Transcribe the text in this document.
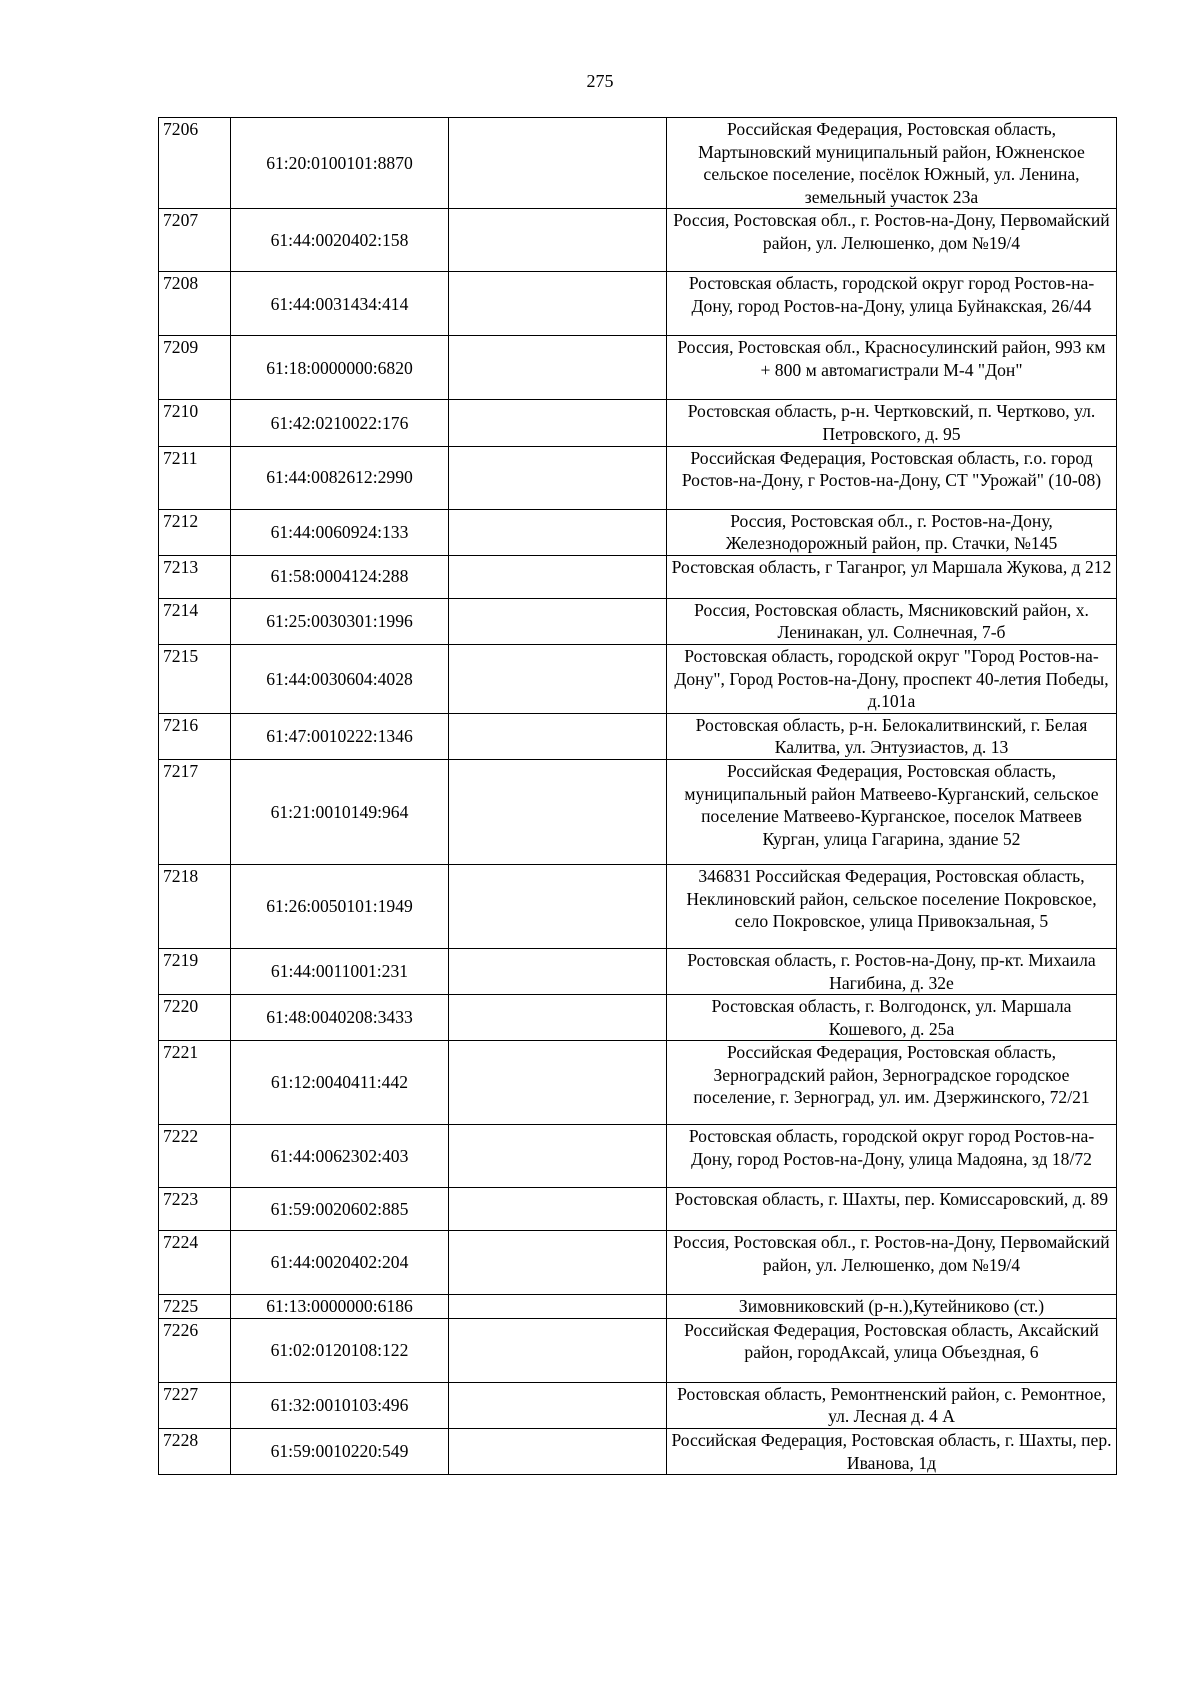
275
7206	61:20:0100101:8870		Российская Федерация, Ростовская область, Мартыновский муниципальный район, Южненское сельское поселение, посёлок Южный, ул. Ленина, земельный участок 23а
7207	61:44:0020402:158		Россия, Ростовская обл., г. Ростов-на-Дону, Первомайский район, ул. Лелюшенко, дом №19/4
7208	61:44:0031434:414		Ростовская область, городской округ город Ростов-на-Дону, город Ростов-на-Дону, улица Буйнакская, 26/44
7209	61:18:0000000:6820		Россия, Ростовская обл., Красносулинский район, 993 км + 800 м автомагистрали М-4 "Дон"
7210	61:42:0210022:176		Ростовская область, р-н. Чертковский, п. Чертково, ул. Петровского, д. 95
7211	61:44:0082612:2990		Российская Федерация, Ростовская область, г.о. город Ростов-на-Дону, г Ростов-на-Дону, СТ "Урожай" (10-08)
7212	61:44:0060924:133		Россия, Ростовская обл., г. Ростов-на-Дону, Железнодорожный район, пр. Стачки, №145
7213	61:58:0004124:288		Ростовская область, г Таганрог, ул Маршала Жукова, д 212
7214	61:25:0030301:1996		Россия, Ростовская область, Мясниковский район, х. Ленинакан, ул. Солнечная, 7-б
7215	61:44:0030604:4028		Ростовская область, городской округ "Город Ростов-на-Дону", Город Ростов-на-Дону, проспект 40-летия Победы, д.101а
7216	61:47:0010222:1346		Ростовская область, р-н. Белокалитвинский, г. Белая Калитва, ул. Энтузиастов, д. 13
7217	61:21:0010149:964		Российская Федерация, Ростовская область, муниципальный район Матвеево-Курганский, сельское поселение Матвеево-Курганское, поселок Матвеев Курган, улица Гагарина, здание 52
7218	61:26:0050101:1949		346831 Российская Федерация, Ростовская область, Неклиновский район, сельское поселение Покровское, село Покровское, улица Привокзальная, 5
7219	61:44:0011001:231		Ростовская область, г. Ростов-на-Дону, пр-кт. Михаила Нагибина, д. 32е
7220	61:48:0040208:3433		Ростовская область, г. Волгодонск, ул. Маршала Кошевого, д. 25а
7221	61:12:0040411:442		Российская Федерация, Ростовская область, Зерноградский район, Зерноградское городское поселение, г. Зерноград, ул. им. Дзержинского, 72/21
7222	61:44:0062302:403		Ростовская область, городской округ город Ростов-на-Дону, город Ростов-на-Дону, улица Мадояна, зд 18/72
7223	61:59:0020602:885		Ростовская область, г. Шахты, пер. Комиссаровский, д. 89
7224	61:44:0020402:204		Россия, Ростовская обл., г. Ростов-на-Дону, Первомайский район, ул. Лелюшенко, дом №19/4
7225	61:13:0000000:6186		Зимовниковский (р-н.),Кутейниково (ст.)
7226	61:02:0120108:122		Российская Федерация, Ростовская область, Аксайский район, городАксай, улица Объездная, 6
7227	61:32:0010103:496		Ростовская область, Ремонтненский район, с. Ремонтное, ул. Лесная д. 4 А
7228	61:59:0010220:549		Российская Федерация, Ростовская область, г. Шахты, пер. Иванова, 1д
